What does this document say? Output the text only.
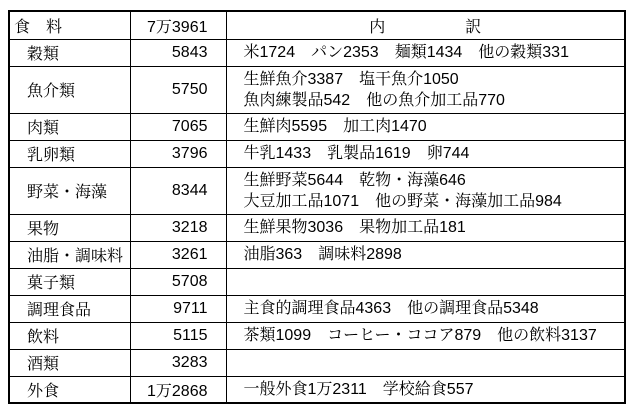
食　料	7万3961	内　　　　　訳
穀類	5843	米1724　パン2353　麺類1434　他の穀類331

魚介類	5750	生鮮魚介3387　塩干魚介1050
魚肉練製品542　他の魚介加工品770

肉類	7065	生鮮肉5595　加工肉1470

乳卵類	3796	牛乳1433　乳製品1619　卵744

野菜・海藻	8344	生鮮野菜5644　乾物・海藻646
大豆加工品1071　他の野菜・海藻加工品984

果物	3218	生鮮果物3036　果物加工品181

油脂・調味料	3261	油脂363　調味料2898

菓子類	5708	
調理食品	9711	主食的調理食品4363　他の調理食品5348

飲料	5115	茶類1099　コーヒー・ココア879　他の飲料3137

酒類	3283	
外食	1万2868	一般外食1万2311　学校給食557
